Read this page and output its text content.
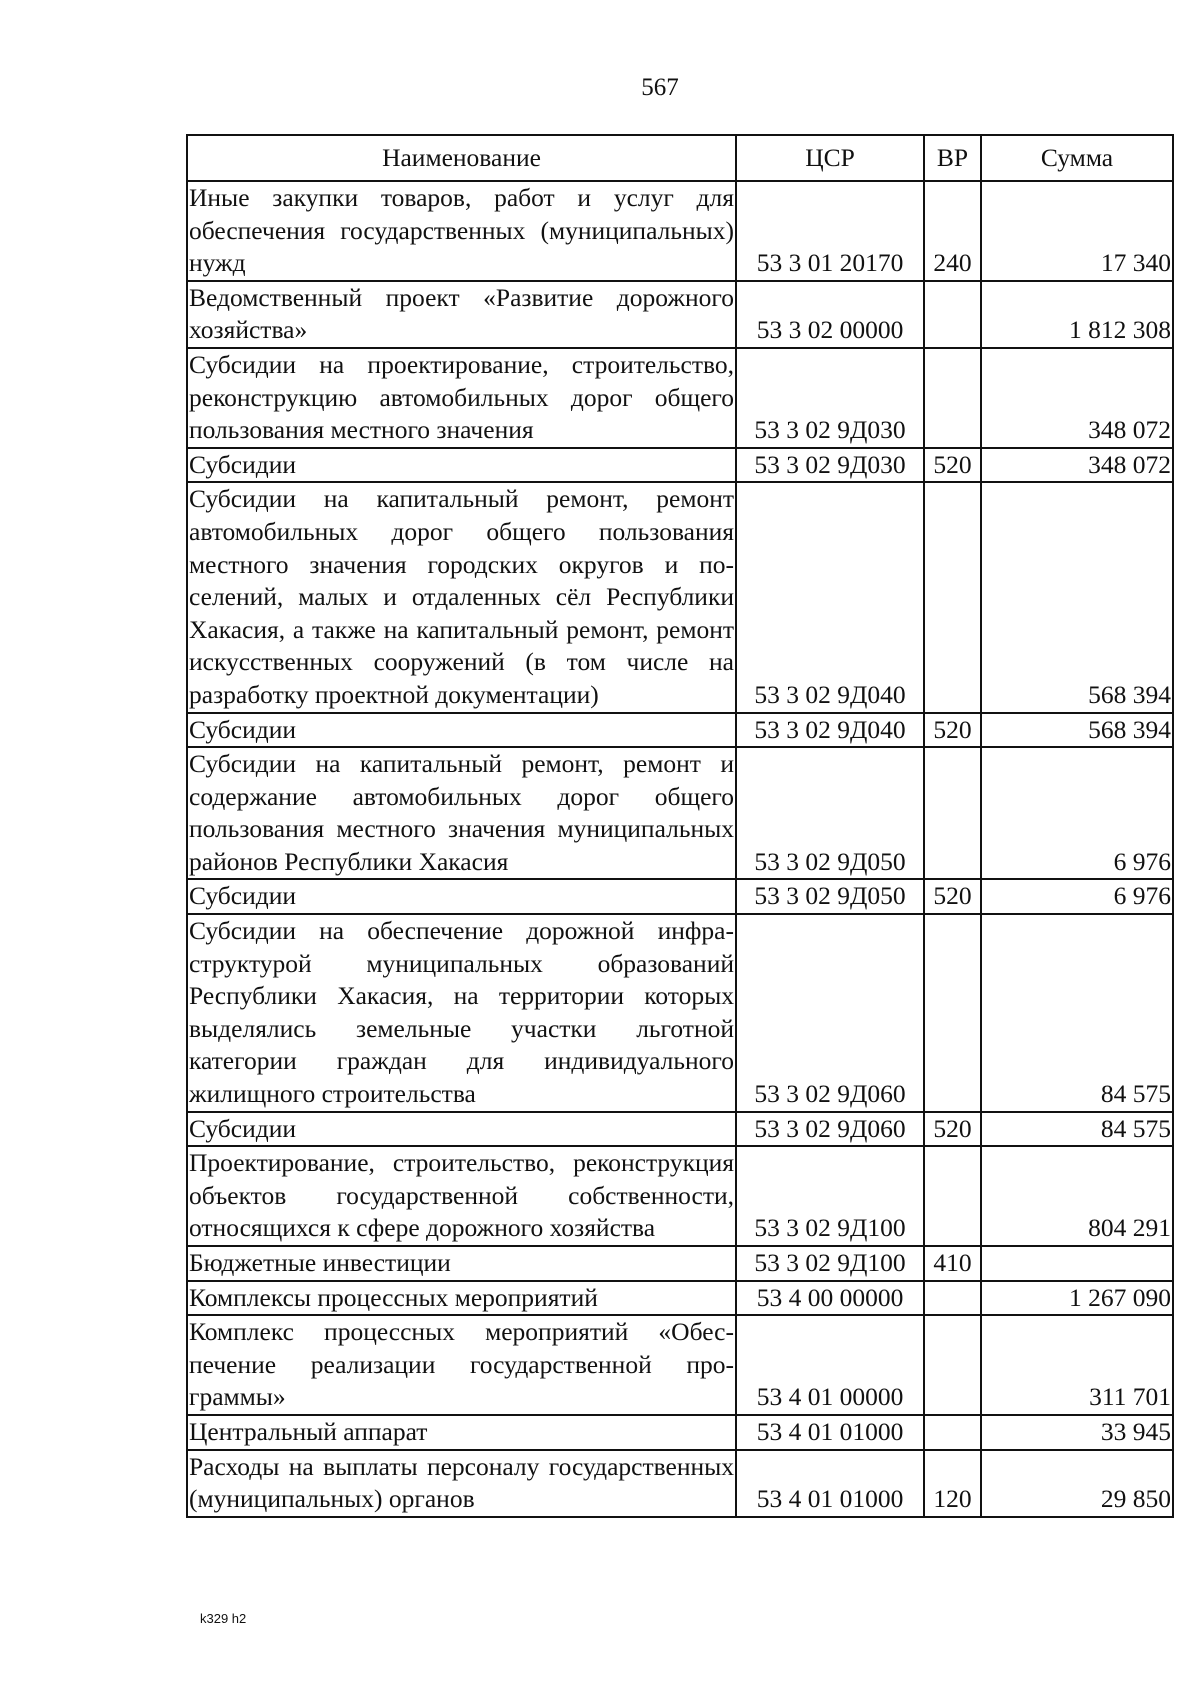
567
Наименование	ЦСР	ВР	Сумма
Иные закупки товаров, работ и услуг для обеспечения государственных (муниципальных) нужд	53 3 01 20170	240	17 340
Ведомственный проект «Развитие дорожного хозяйства»	53 3 02 00000		1 812 308
Субсидии на проектирование, строительство, реконструкцию автомобильных дорог общего пользования местного значения	53 3 02 9Д030		348 072
Субсидии	53 3 02 9Д030	520	348 072
Субсидии на капитальный ремонт, ремонт автомобильных дорог общего пользования местного значения городских округов и поселений, малых и отдаленных сёл Республики Хакасия, а также на капитальный ремонт, ремонт искусственных сооружений (в том числе на разработку проектной документации)	53 3 02 9Д040		568 394
Субсидии	53 3 02 9Д040	520	568 394
Субсидии на капитальный ремонт, ремонт и содержание автомобильных дорог общего пользования местного значения муниципальных районов Республики Хакасия	53 3 02 9Д050		6 976
Субсидии	53 3 02 9Д050	520	6 976
Субсидии на обеспечение дорожной инфраструктурой муниципальных образований Республики Хакасия, на территории которых выделялись земельные участки льготной категории граждан для индивидуального жилищного строительства	53 3 02 9Д060		84 575
Субсидии	53 3 02 9Д060	520	84 575
Проектирование, строительство, реконструкция объектов государственной собственности, относящихся к сфере дорожного хозяйства	53 3 02 9Д100		804 291
Бюджетные инвестиции	53 3 02 9Д100	410	
Комплексы процессных мероприятий	53 4 00 00000		1 267 090
Комплекс процессных мероприятий «Обеспечение реализации государственной программы»	53 4 01 00000		311 701
Центральный аппарат	53 4 01 01000		33 945
Расходы на выплаты персоналу государственных (муниципальных) органов	53 4 01 01000	120	29 850
k329 h2
